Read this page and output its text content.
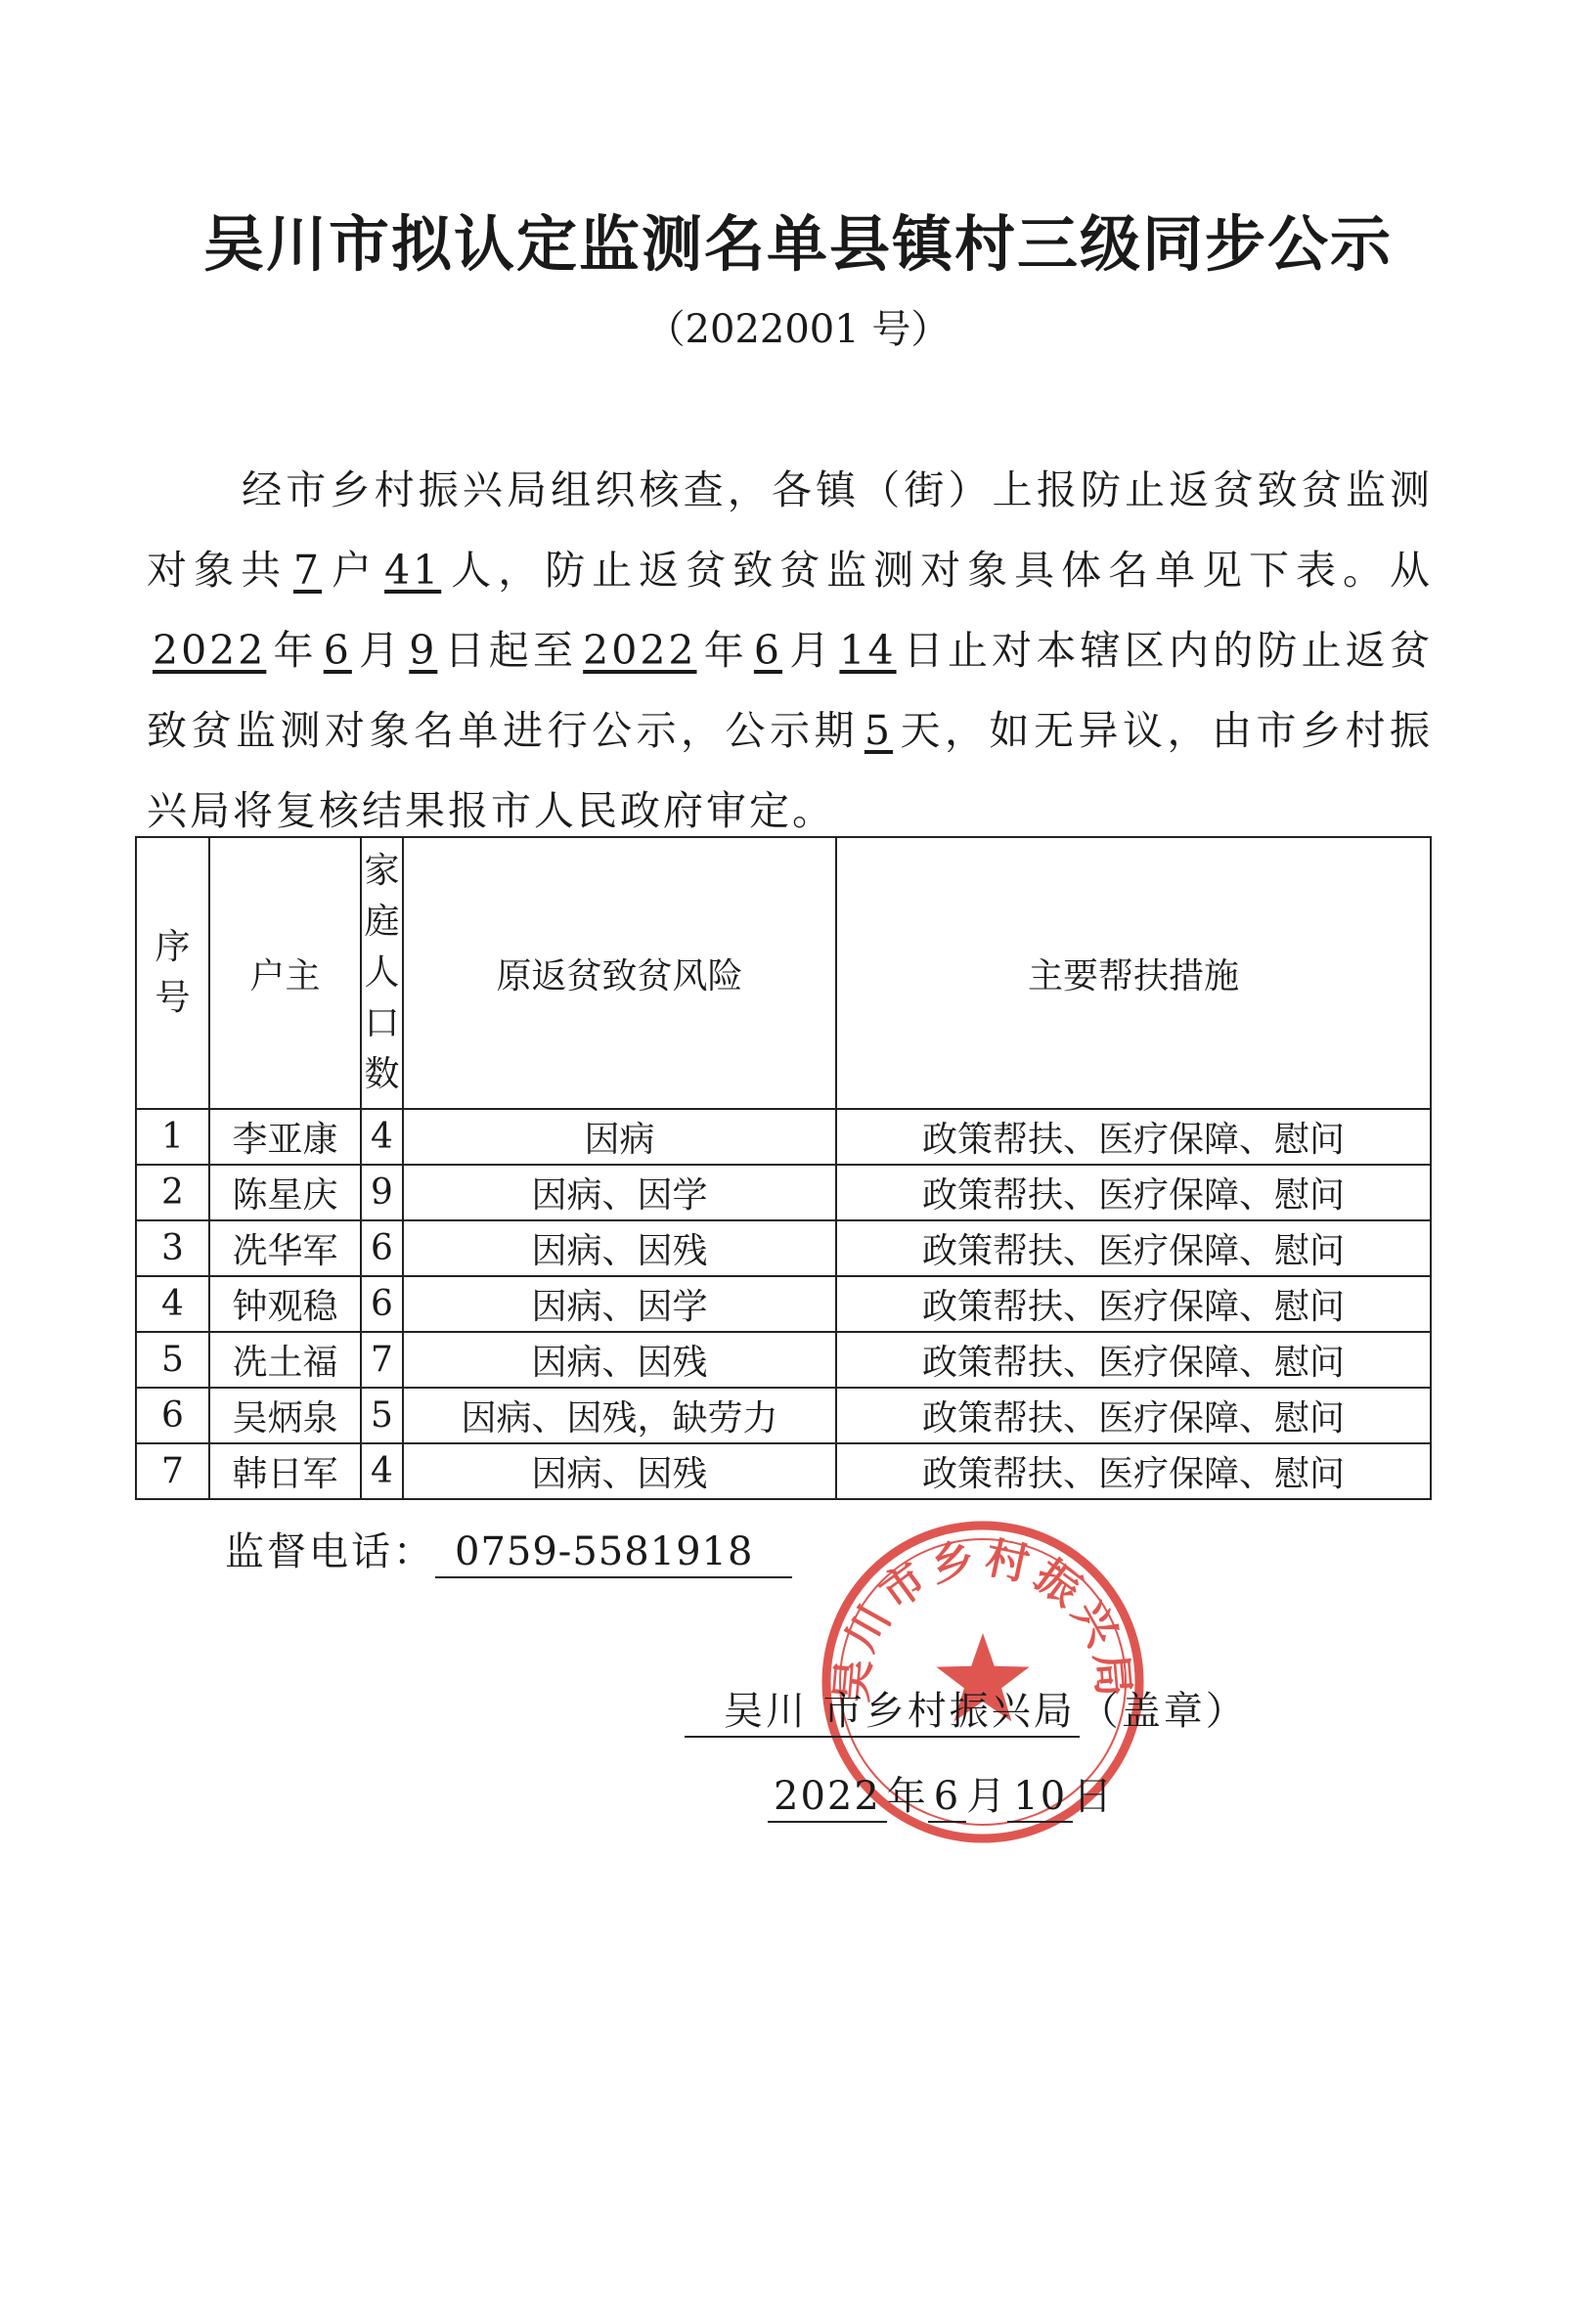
吴川市拟认定监测名单县镇村三级同步公示
（2022001 号）
经市乡村振兴局组织核查，各镇（街）上报防止返贫致贫监测对象共 7 户 41 人，防止返贫致贫监测对象具体名单见下表。从2022 年 6 月 9 日起至 2022 年 6 月 14 日止对本辖区内的防止返贫致贫监测对象名单进行公示，公示期 5 天，如无异议，由市乡村振兴局将复核结果报市人民政府审定。
序号	户主	家庭人口数	原返贫致贫风险	主要帮扶措施
1	李亚康	4	因病	政策帮扶、医疗保障、慰问
2	陈星庆	9	因病、因学	政策帮扶、医疗保障、慰问
3	冼华军	6	因病、因残	政策帮扶、医疗保障、慰问
4	钟观稳	6	因病、因学	政策帮扶、医疗保障、慰问
5	冼土福	7	因病、因残	政策帮扶、医疗保障、慰问
6	吴炳泉	5	因病、因残，缺劳力	政策帮扶、医疗保障、慰问
7	韩日军	4	因病、因残	政策帮扶、医疗保障、慰问
监督电话： 0759-5581918
吴川市乡村振兴局
吴川 市乡村振兴局 （盖章）
2022 年 6 月 10 日
